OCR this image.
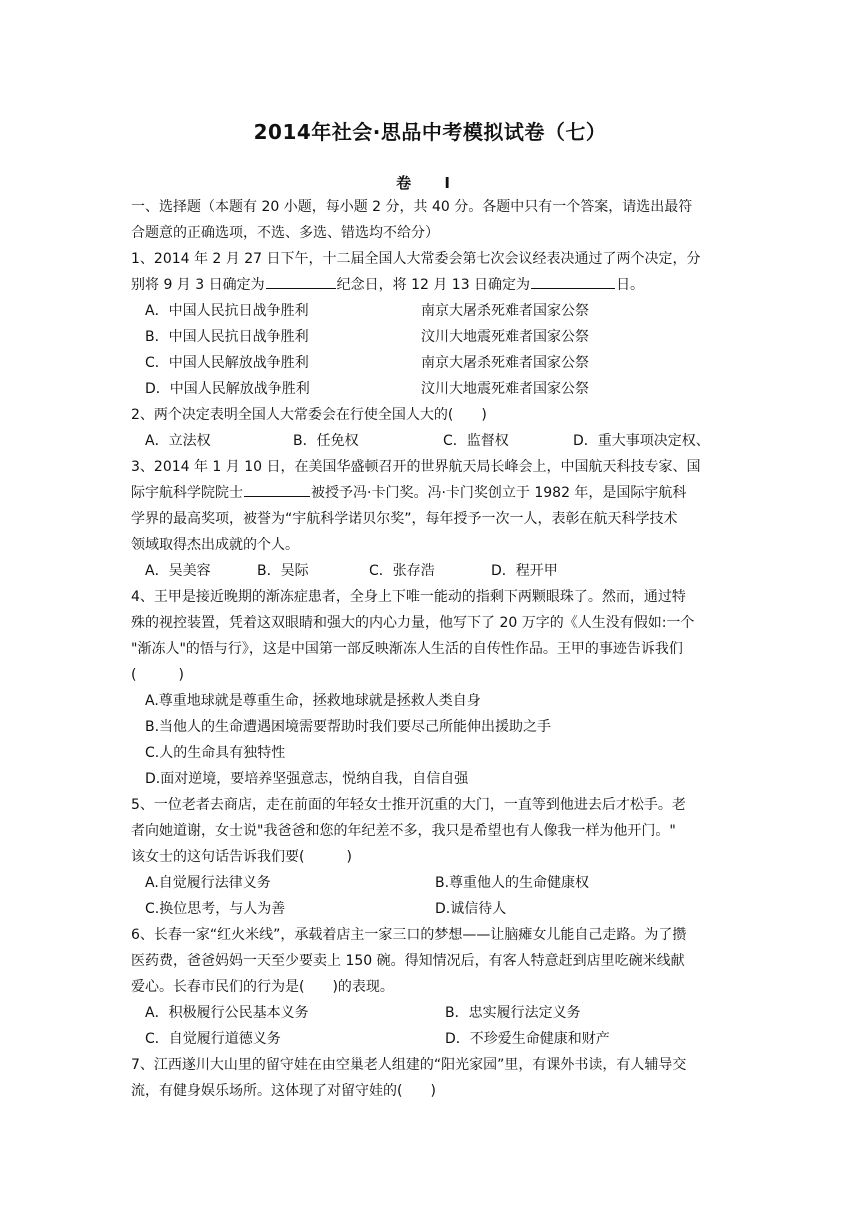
2014年社会·思品中考模拟试卷（七）
卷 Ⅰ
一、选择题（本题有 20 小题，每小题 2 分，共 40 分。各题中只有一个答案，请选出最符
合题意的正确选项，不选、多选、错选均不给分）
1、2014 年 2 月 27 日下午，十二届全国人大常委会第七次会议经表决通过了两个决定，分
别将 9 月 3 日确定为	纪念日，将 12 月 13 日确定为	日。
A．中国人民抗日战争胜利	南京大屠杀死难者国家公祭
B．中国人民抗日战争胜利	汶川大地震死难者国家公祭
C．中国人民解放战争胜利	南京大屠杀死难者国家公祭
D．中国人民解放战争胜利	汶川大地震死难者国家公祭
2、两个决定表明全国人大常委会在行使全国人大的(　　)
A．立法权	B．任免权	C．监督权	D．重大事项决定权、
3、2014 年 1 月 10 日，在美国华盛顿召开的世界航天局长峰会上，中国航天科技专家、国
际宇航科学院院士	被授予冯·卡门奖。冯·卡门奖创立于 1982 年，是国际宇航科
学界的最高奖项，被誉为“宇航科学诺贝尔奖”，每年授予一次一人，表彰在航天科学技术
领域取得杰出成就的个人。
A．吴美容	B．吴际	C．张存浩	D．程开甲
4、王甲是接近晚期的渐冻症患者，全身上下唯一能动的指剩下两颗眼珠了。然而，通过特
殊的视控装置，凭着这双眼睛和强大的内心力量，他写下了 20 万字的《人生没有假如:一个
"渐冻人"的悟与行》，这是中国第一部反映渐冻人生活的自传性作品。王甲的事迹告诉我们
(　　　)
A.尊重地球就是尊重生命，拯救地球就是拯救人类自身
B.当他人的生命遭遇困境需要帮助时我们要尽己所能伸出援助之手
C.人的生命具有独特性
D.面对逆境，要培养坚强意志，悦纳自我，自信自强
5、一位老者去商店，走在前面的年轻女士推开沉重的大门，一直等到他进去后才松手。老
者向她道谢，女士说"我爸爸和您的年纪差不多，我只是希望也有人像我一样为他开门。"
该女士的这句话告诉我们要(　　　)
A.自觉履行法律义务	B.尊重他人的生命健康权
C.换位思考，与人为善	D.诚信待人
6、长春一家“红火米线”，承载着店主一家三口的梦想——让脑瘫女儿能自己走路。为了攒
医药费，爸爸妈妈一天至少要卖上 150 碗。得知情况后，有客人特意赶到店里吃碗米线献
爱心。长春市民们的行为是(　　)的表现。
A．积极履行公民基本义务	B．忠实履行法定义务
C．自觉履行道德义务	D．不珍爱生命健康和财产
7、江西遂川大山里的留守娃在由空巢老人组建的“阳光家园”里，有课外书读，有人辅导交
流，有健身娱乐场所。这体现了对留守娃的(　　)
